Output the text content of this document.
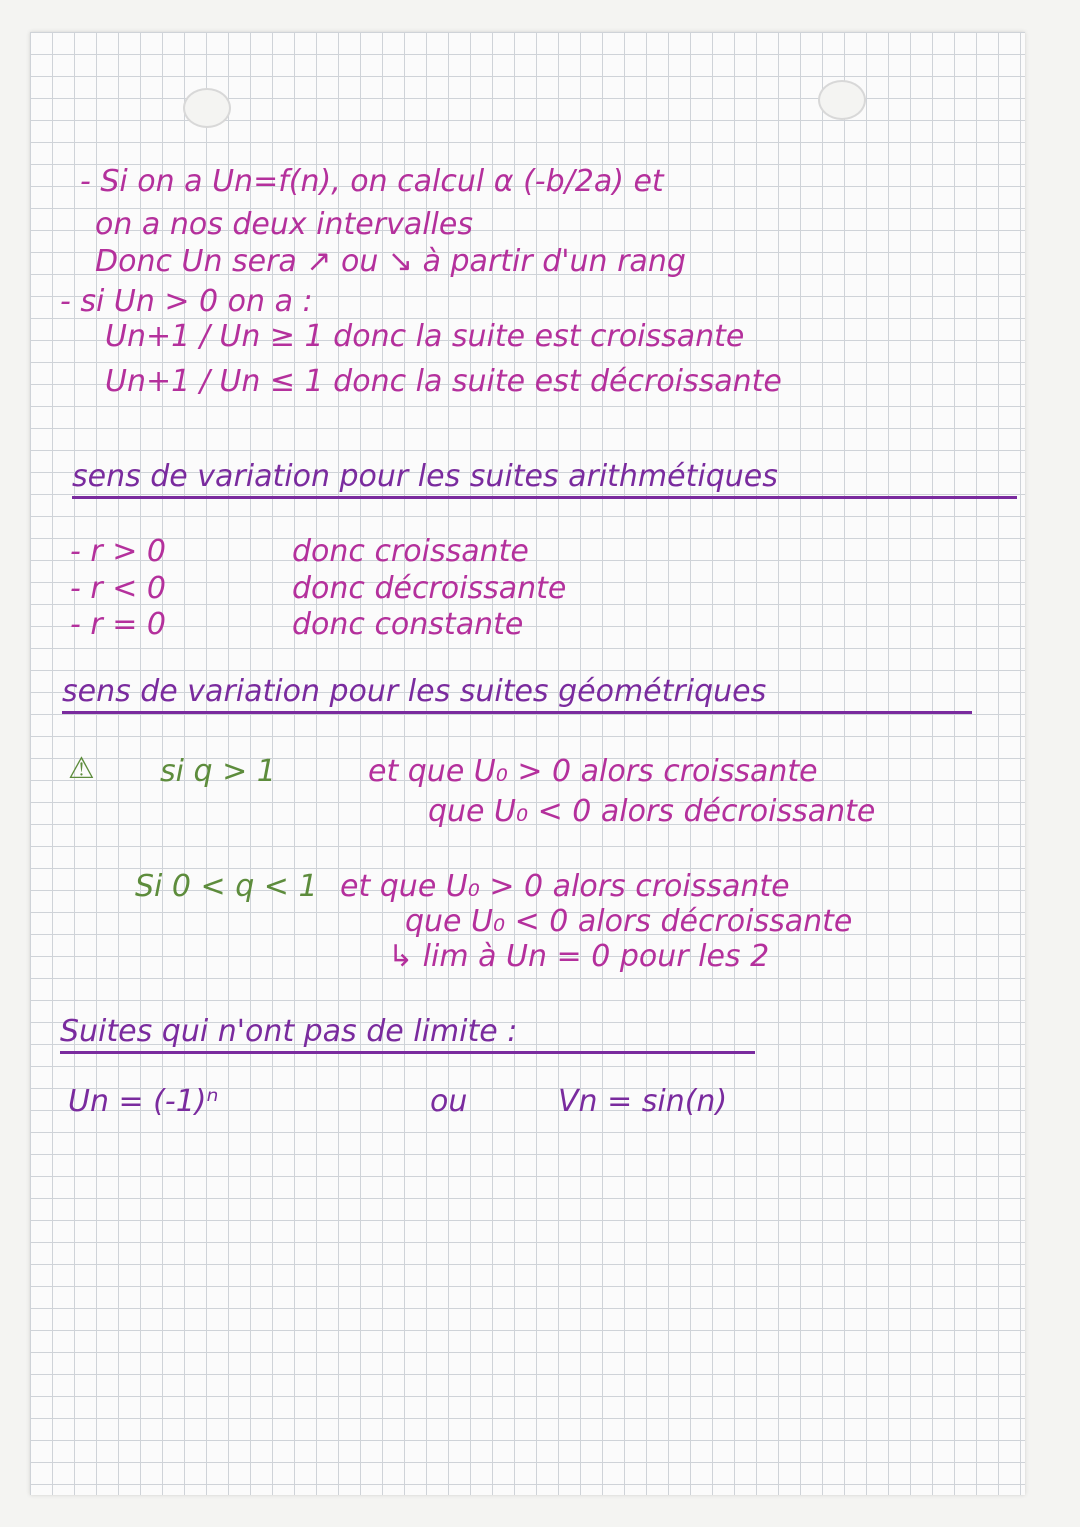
- Si on a Un=f(n), on calcul α (-b/2a) et
on a nos deux intervalles
Donc Un sera ↗ ou ↘ à partir d'un rang
- si Un > 0 on a :
Un+1 / Un ≥ 1 donc la suite est croissante
Un+1 / Un ≤ 1 donc la suite est décroissante
sens de variation pour les suites arithmétiques
- r > 0	donc croissante
- r < 0	donc décroissante
- r = 0	donc constante
sens de variation pour les suites géométriques
⚠ si q > 1	et que U₀ > 0 alors croissante
que U₀ < 0 alors décroissante
Si 0 < q < 1 et que U₀ > 0 alors croissante
que U₀ < 0 alors décroissante
↳ lim à Un = 0 pour les 2
Suites qui n'ont pas de limite :
Un = (-1)ⁿ	ou	Vn = sin(n)
